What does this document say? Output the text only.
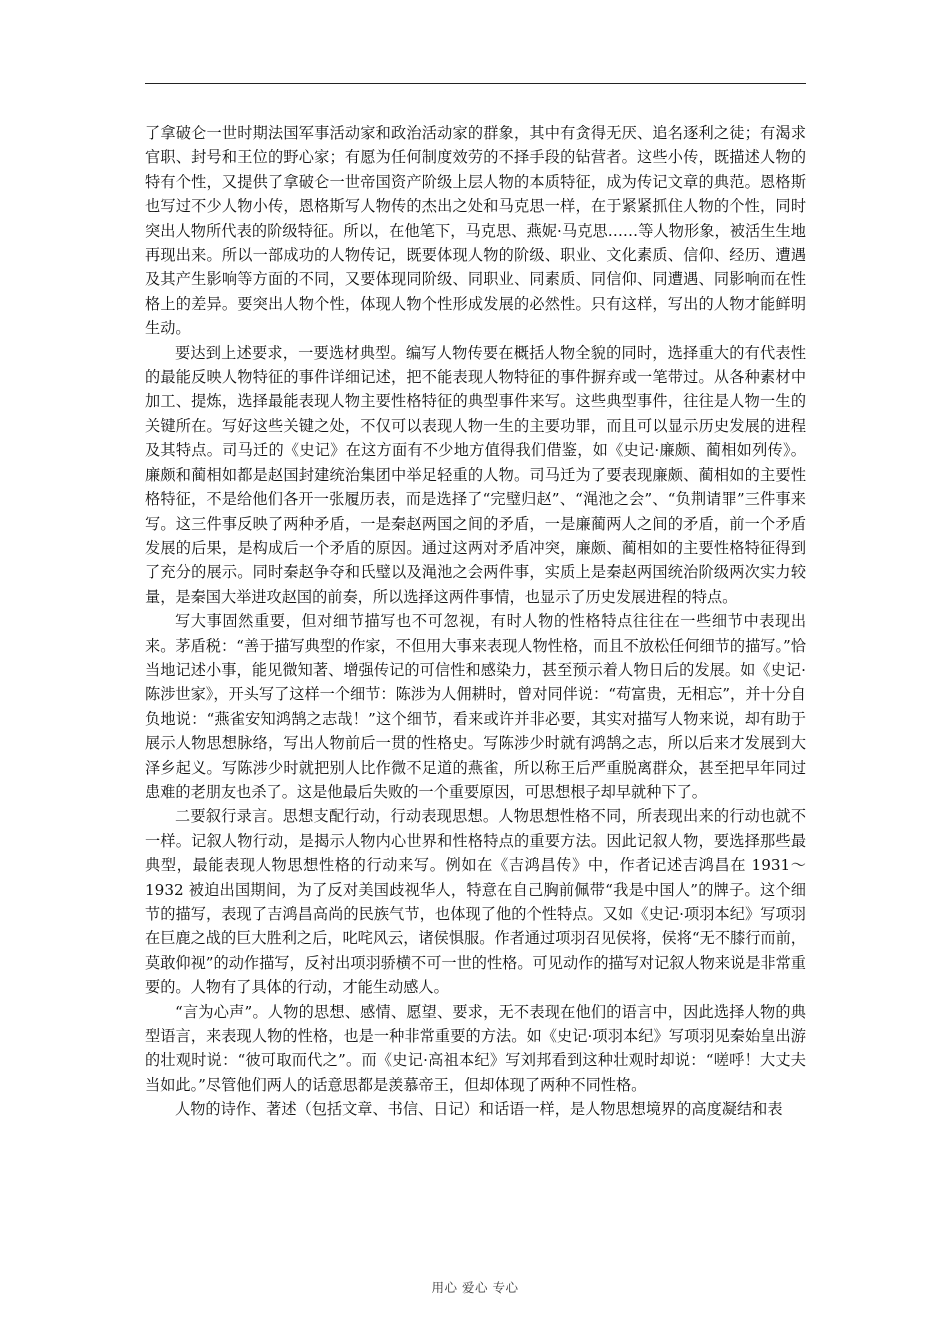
了拿破仑一世时期法国军事活动家和政治活动家的群象，其中有贪得无厌、追名逐利之徒；有渴求官职、封号和王位的野心家；有愿为任何制度效劳的不择手段的钻营者。这些小传，既描述人物的特有个性，又提供了拿破仑一世帝国资产阶级上层人物的本质特征，成为传记文章的典范。恩格斯也写过不少人物小传，恩格斯写人物传的杰出之处和马克思一样，在于紧紧抓住人物的个性，同时突出人物所代表的阶级特征。所以，在他笔下，马克思、燕妮·马克思……等人物形象，被活生生地再现出来。所以一部成功的人物传记，既要体现人物的阶级、职业、文化素质、信仰、经历、遭遇及其产生影响等方面的不同，又要体现同阶级、同职业、同素质、同信仰、同遭遇、同影响而在性格上的差异。要突出人物个性，体现人物个性形成发展的必然性。只有这样，写出的人物才能鲜明生动。

要达到上述要求，一要选材典型。编写人物传要在概括人物全貌的同时，选择重大的有代表性的最能反映人物特征的事件详细记述，把不能表现人物特征的事件摒弃或一笔带过。从各种素材中加工、提炼，选择最能表现人物主要性格特征的典型事件来写。这些典型事件，往往是人物一生的关键所在。写好这些关键之处，不仅可以表现人物一生的主要功罪，而且可以显示历史发展的进程及其特点。司马迁的《史记》在这方面有不少地方值得我们借鉴，如《史记·廉颇、蔺相如列传》。廉颇和蔺相如都是赵国封建统治集团中举足轻重的人物。司马迁为了要表现廉颇、蔺相如的主要性格特征，不是给他们各开一张履历表，而是选择了“完璧归赵”、“渑池之会”、“负荆请罪”三件事来写。这三件事反映了两种矛盾，一是秦赵两国之间的矛盾，一是廉蔺两人之间的矛盾，前一个矛盾发展的后果，是构成后一个矛盾的原因。通过这两对矛盾冲突，廉颇、蔺相如的主要性格特征得到了充分的展示。同时秦赵争夺和氏璧以及渑池之会两件事，实质上是秦赵两国统治阶级两次实力较量，是秦国大举进攻赵国的前奏，所以选择这两件事情，也显示了历史发展进程的特点。

写大事固然重要，但对细节描写也不可忽视，有时人物的性格特点往往在一些细节中表现出来。茅盾税：“善于描写典型的作家，不但用大事来表现人物性格，而且不放松任何细节的描写。”恰当地记述小事，能见微知著、增强传记的可信性和感染力，甚至预示着人物日后的发展。如《史记·陈涉世家》，开头写了这样一个细节：陈涉为人佣耕时，曾对同伴说：“苟富贵，无相忘”，并十分自负地说：“燕雀安知鸿鹄之志哉！”这个细节，看来或许并非必要，其实对描写人物来说，却有助于展示人物思想脉络，写出人物前后一贯的性格史。写陈涉少时就有鸿鹄之志，所以后来才发展到大泽乡起义。写陈涉少时就把别人比作微不足道的燕雀，所以称王后严重脱离群众，甚至把早年同过患难的老朋友也杀了。这是他最后失败的一个重要原因，可思想根子却早就种下了。

二要叙行录言。思想支配行动，行动表现思想。人物思想性格不同，所表现出来的行动也就不一样。记叙人物行动，是揭示人物内心世界和性格特点的重要方法。因此记叙人物，要选择那些最典型，最能表现人物思想性格的行动来写。例如在《吉鸿昌传》中，作者记述吉鸿昌在 1931～1932 被迫出国期间，为了反对美国歧视华人，特意在自己胸前佩带“我是中国人”的牌子。这个细节的描写，表现了吉鸿昌高尚的民族气节，也体现了他的个性特点。又如《史记·项羽本纪》写项羽在巨鹿之战的巨大胜利之后，叱咤风云，诸侯惧服。作者通过项羽召见侯将，侯将“无不膝行而前，莫敢仰视”的动作描写，反衬出项羽骄横不可一世的性格。可见动作的描写对记叙人物来说是非常重要的。人物有了具体的行动，才能生动感人。

“言为心声”。人物的思想、感情、愿望、要求，无不表现在他们的语言中，因此选择人物的典型语言，来表现人物的性格，也是一种非常重要的方法。如《史记·项羽本纪》写项羽见秦始皇出游的壮观时说：“彼可取而代之”。而《史记·高祖本纪》写刘邦看到这种壮观时却说：“嗟呼！大丈夫当如此。”尽管他们两人的话意思都是羡慕帝王，但却体现了两种不同性格。

人物的诗作、著述（包括文章、书信、日记）和话语一样，是人物思想境界的高度凝结和表

用心 爱心 专心
